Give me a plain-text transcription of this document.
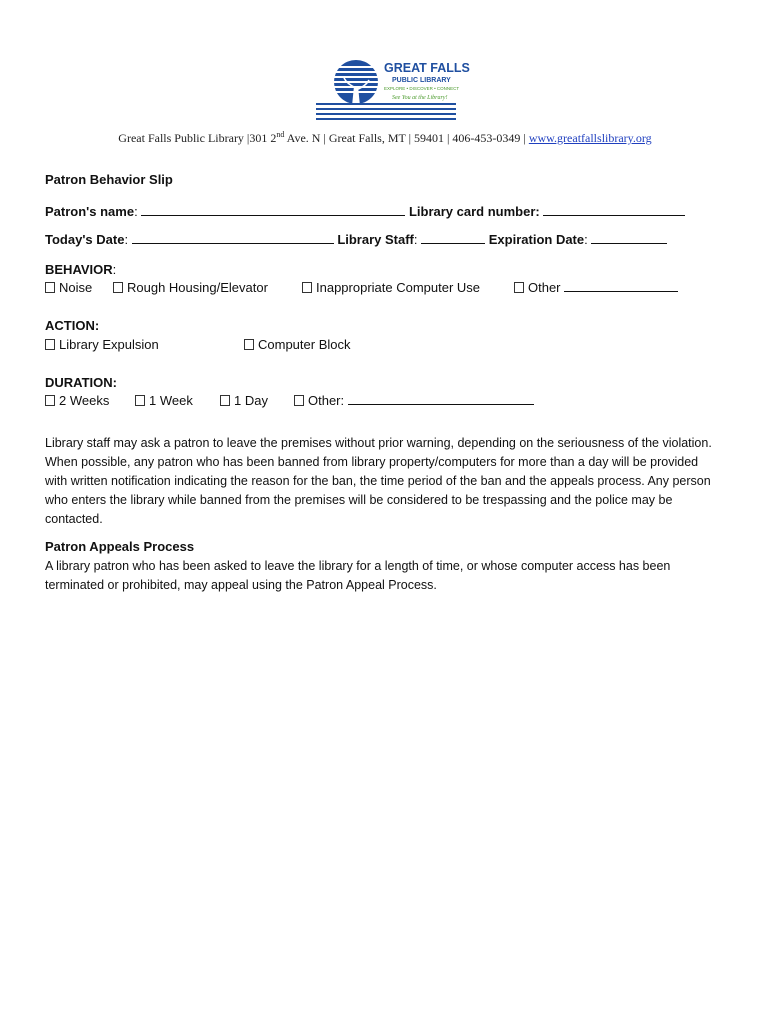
GREAT FALLS
PUBLIC LIBRARY
EXPLORE • DISCOVER • CONNECT
See You at the Library!
Great Falls Public Library |301 2nd Ave. N | Great Falls, MT | 59401 | 406-453-0349 | www.greatfallslibrary.org
Patron Behavior Slip
Patron's name:	Library card number:
Today's Date:	Library Staff:	Expiration Date:
BEHAVIOR:
Noise	Rough Housing/Elevator	Inappropriate Computer Use	Other
ACTION:
Library Expulsion	Computer Block
DURATION:
2 Weeks	1 Week	1 Day	Other:
Library staff may ask a patron to leave the premises without prior warning, depending on the seriousness of the violation. When possible, any patron who has been banned from library property/computers for more than a day will be provided with written notification indicating the reason for the ban, the time period of the ban and the appeals process. Any person who enters the library while banned from the premises will be considered to be trespassing and the police may be contacted.
Patron Appeals Process
A library patron who has been asked to leave the library for a length of time, or whose computer access has been terminated or prohibited, may appeal using the Patron Appeal Process.
